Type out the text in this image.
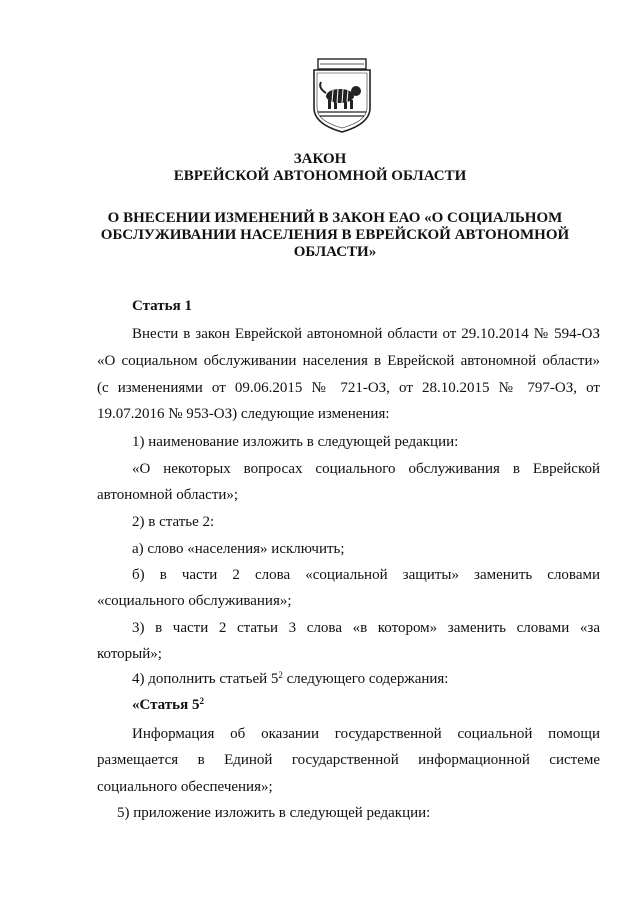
ЗАКОН
ЕВРЕЙСКОЙ АВТОНОМНОЙ ОБЛАСТИ
О ВНЕСЕНИИ ИЗМЕНЕНИЙ В ЗАКОН ЕАО «О СОЦИАЛЬНОМ ОБСЛУЖИВАНИИ НАСЕЛЕНИЯ В ЕВРЕЙСКОЙ АВТОНОМНОЙ ОБЛАСТИ»
Статья 1
Внести в закон Еврейской автономной области от 29.10.2014 № 594-ОЗ
«О социальном обслуживании населения в Еврейской автономной области»
(с изменениями от 09.06.2015 № 721-ОЗ, от 28.10.2015 № 797-ОЗ, от
19.07.2016 № 953-ОЗ) следующие изменения:
1) наименование изложить в следующей редакции:
«О некоторых вопросах социального обслуживания в Еврейской
автономной области»;
2) в статье 2:
а) слово «населения» исключить;
б) в части 2 слова «социальной защиты» заменить словами
«социального обслуживания»;
3) в части 2 статьи 3 слова «в котором» заменить словами «за
который»;
4) дополнить статьей $5^2$ следующего содержания:
«Статья $5^2$
Информация об оказании государственной социальной помощи
размещается в Единой государственной информационной системе
социального обеспечения»;
5) приложение изложить в следующей редакции:
